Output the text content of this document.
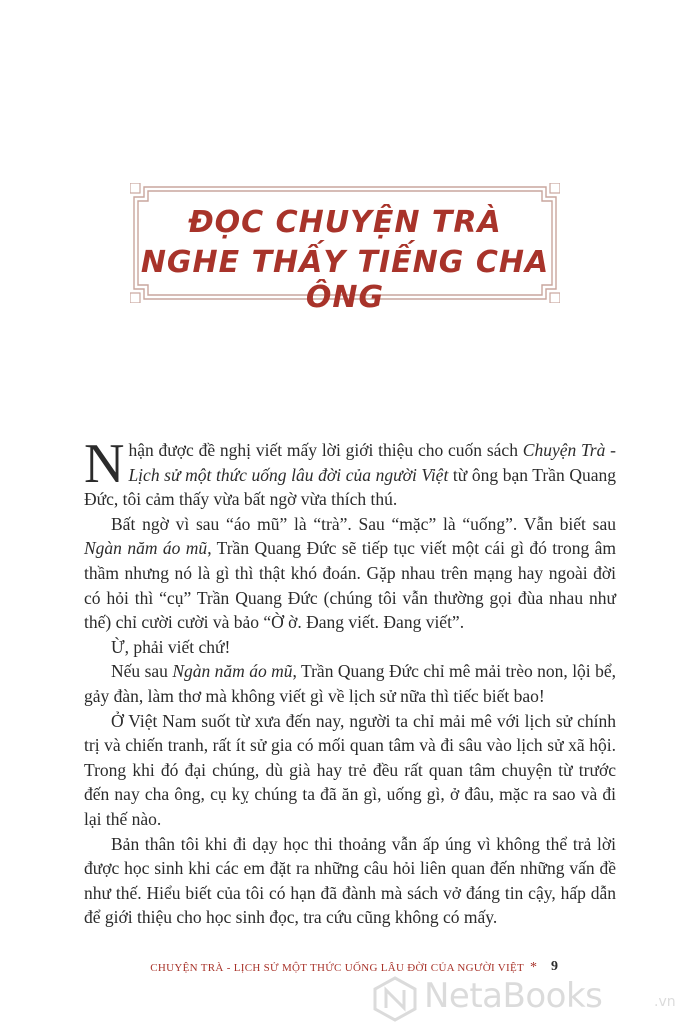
ĐỌC CHUYỆN TRÀ
NGHE THẤY TIẾNG CHA ÔNG

Nhận được đề nghị viết mấy lời giới thiệu cho cuốn sách Chuyện Trà - Lịch sử một thức uống lâu đời của người Việt từ ông bạn Trần Quang Đức, tôi cảm thấy vừa bất ngờ vừa thích thú.

Bất ngờ vì sau “áo mũ” là “trà”. Sau “mặc” là “uống”. Vẫn biết sau Ngàn năm áo mũ, Trần Quang Đức sẽ tiếp tục viết một cái gì đó trong âm thầm nhưng nó là gì thì thật khó đoán. Gặp nhau trên mạng hay ngoài đời có hỏi thì “cụ” Trần Quang Đức (chúng tôi vẫn thường gọi đùa nhau như thế) chỉ cười cười và bảo “Ờ ờ. Đang viết. Đang viết”.

Ừ, phải viết chứ!

Nếu sau Ngàn năm áo mũ, Trần Quang Đức chỉ mê mải trèo non, lội bể, gảy đàn, làm thơ mà không viết gì về lịch sử nữa thì tiếc biết bao!

Ở Việt Nam suốt từ xưa đến nay, người ta chỉ mải mê với lịch sử chính trị và chiến tranh, rất ít sử gia có mối quan tâm và đi sâu vào lịch sử xã hội. Trong khi đó đại chúng, dù già hay trẻ đều rất quan tâm chuyện từ trước đến nay cha ông, cụ kỵ chúng ta đã ăn gì, uống gì, ở đâu, mặc ra sao và đi lại thế nào.

Bản thân tôi khi đi dạy học thi thoảng vẫn ấp úng vì không thể trả lời được học sinh khi các em đặt ra những câu hỏi liên quan đến những vấn đề như thế. Hiểu biết của tôi có hạn đã đành mà sách vở đáng tin cậy, hấp dẫn để giới thiệu cho học sinh đọc, tra cứu cũng không có mấy.

CHUYỆN TRÀ - LỊCH SỬ MỘT THỨC UỐNG LÂU ĐỜI CỦA NGƯỜI VIỆT * 9
NetaBooks	.vn
